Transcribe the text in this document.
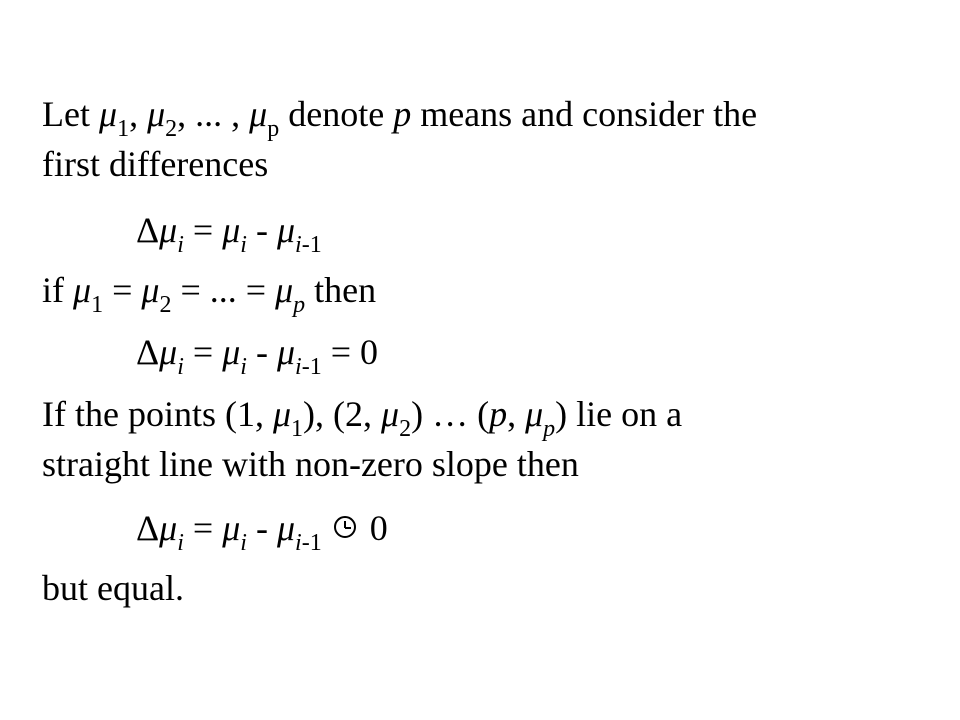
Let $\mu_1$, $\mu_2$, ... , $\mu_p$ denote p means and consider the
first differences
$\Delta\mu_i = \mu_i - \mu_{i-1}$
if $\mu_1 = \mu_2$ = ... = $\mu_p$ then
$\Delta\mu_i = \mu_i - \mu_{i-1} = 0$
If the points (1, $\mu_1$), (2, $\mu_2$) … (p, $\mu_p$) lie on a
straight line with non-zero slope then
$\Delta\mu_i = \mu_i - \mu_{i-1}$
0
but equal.
